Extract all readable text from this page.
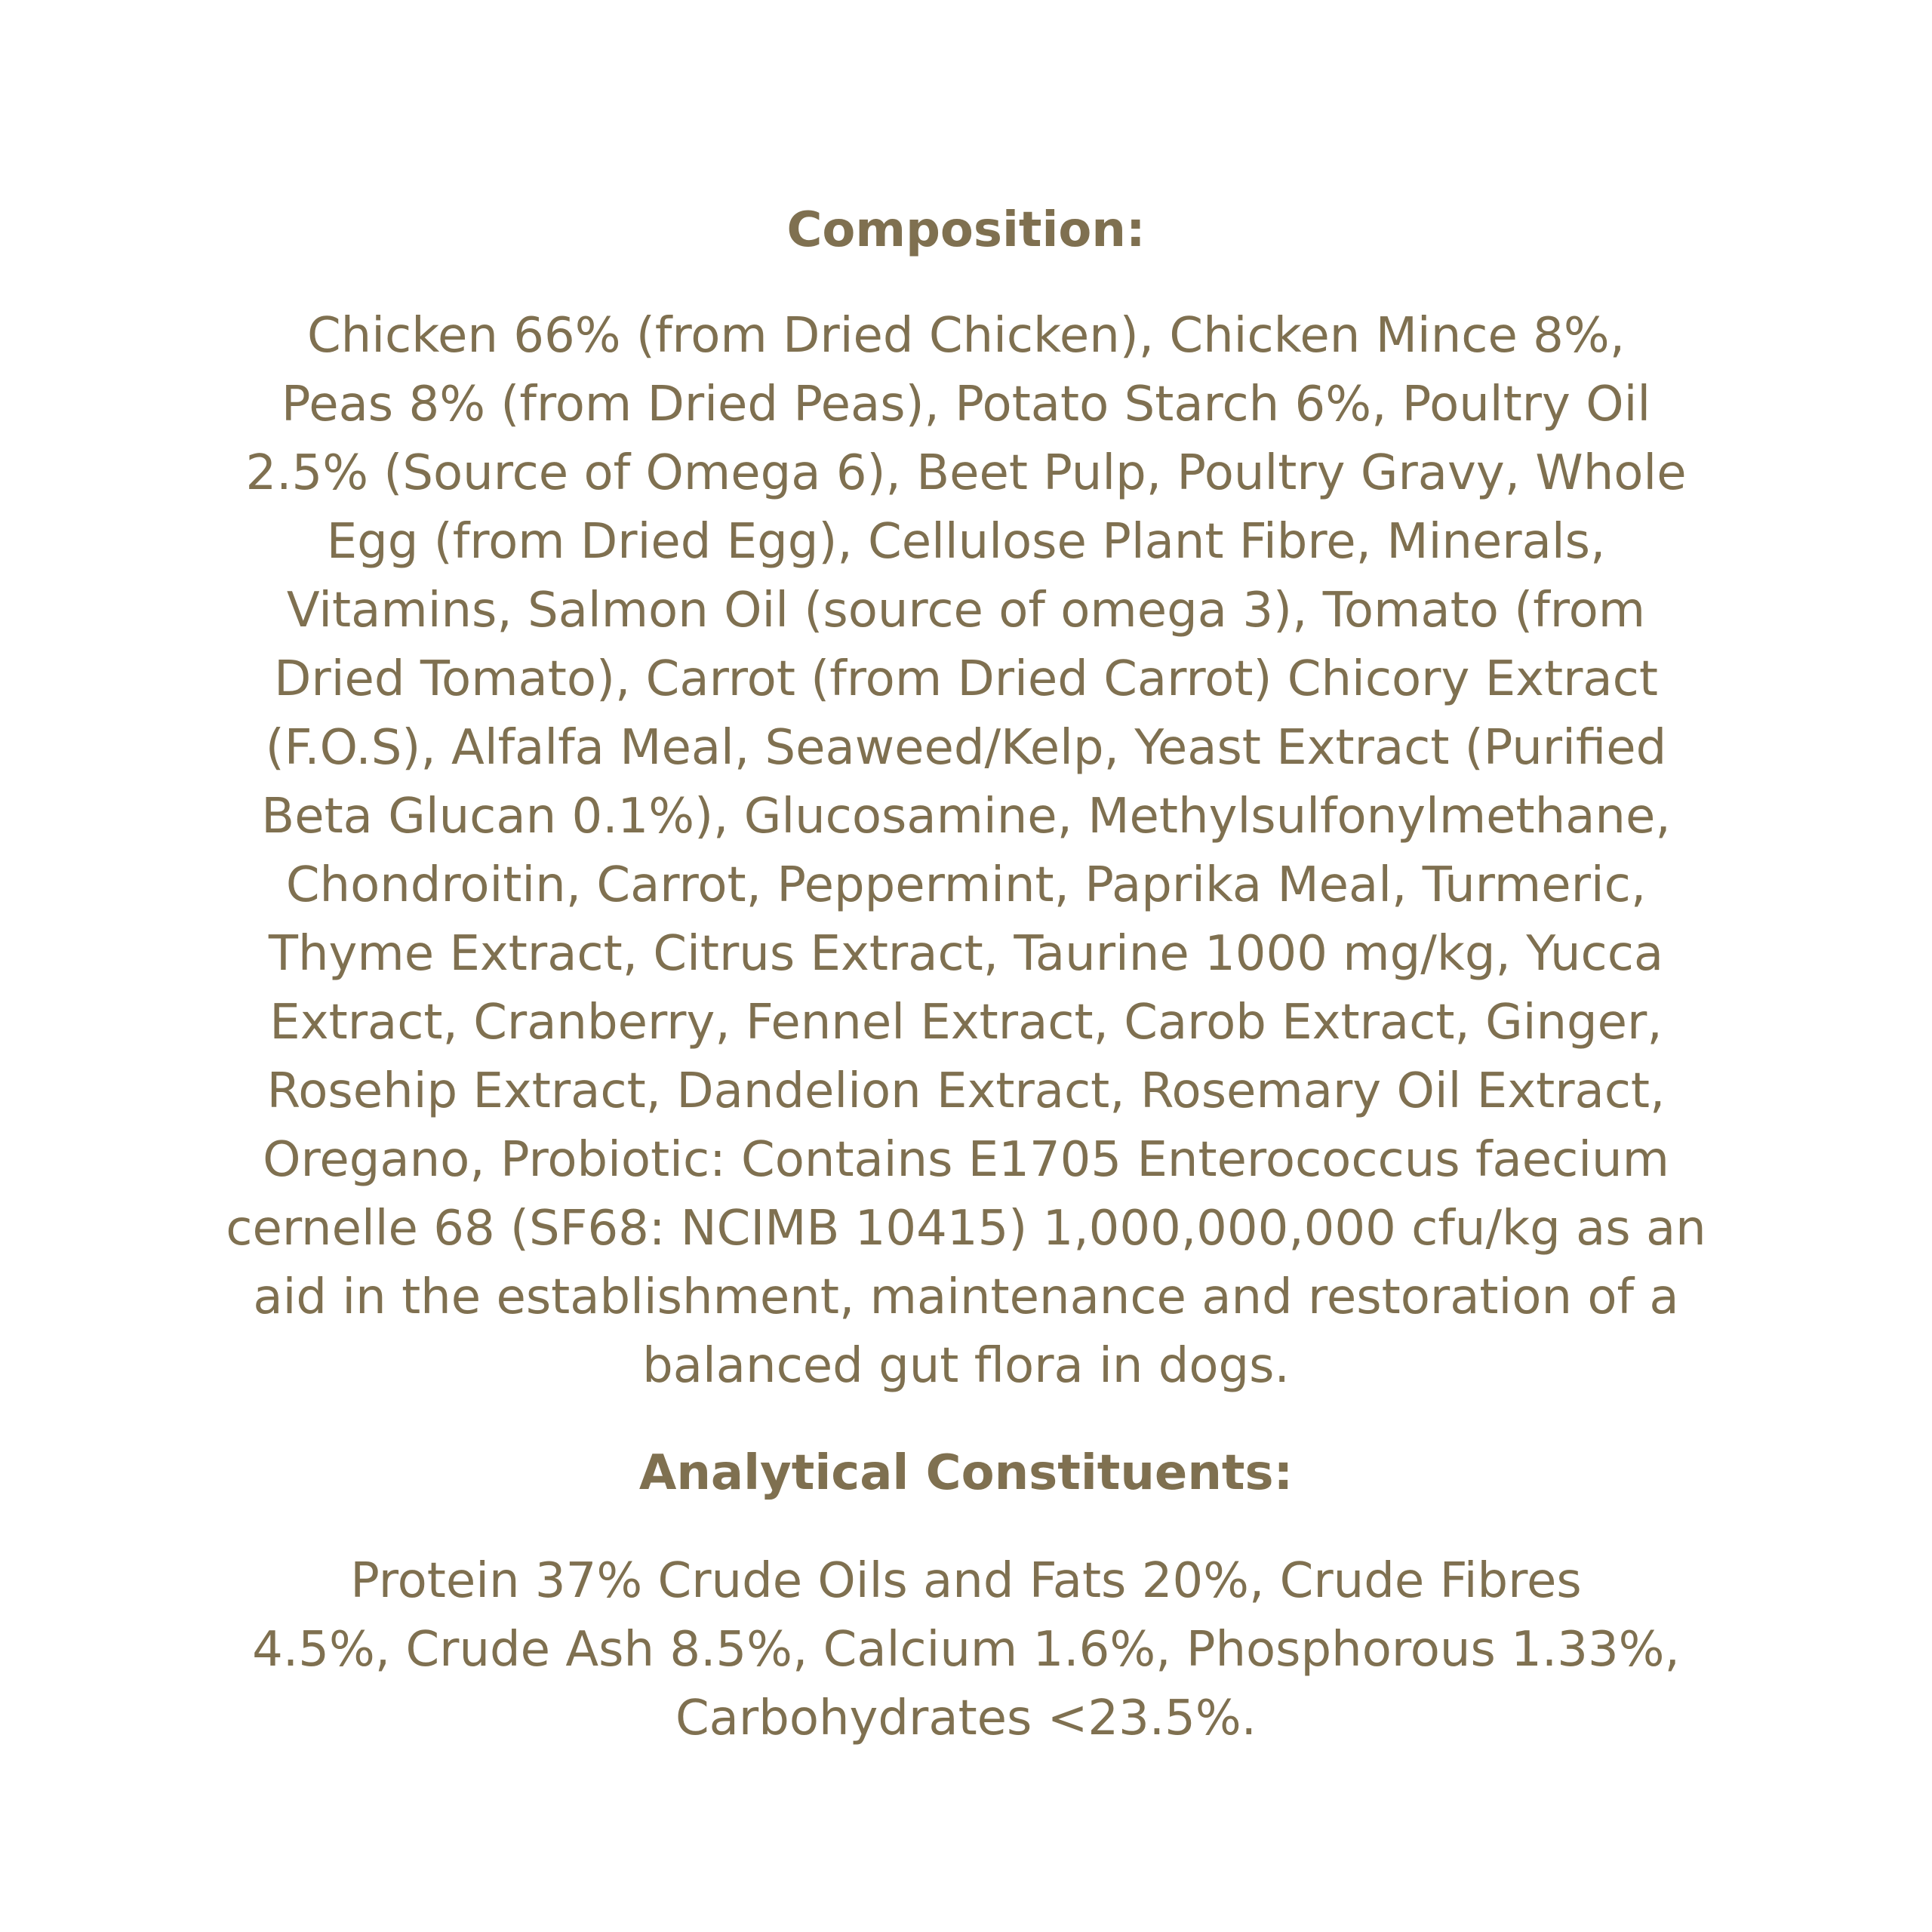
Composition:
Chicken 66% (from Dried Chicken), Chicken Mince 8%,
Peas 8% (from Dried Peas), Potato Starch 6%, Poultry Oil
2.5% (Source of Omega 6), Beet Pulp, Poultry Gravy, Whole
Egg (from Dried Egg), Cellulose Plant Fibre, Minerals,
Vitamins, Salmon Oil (source of omega 3), Tomato (from
Dried Tomato), Carrot (from Dried Carrot) Chicory Extract
(F.O.S), Alfalfa Meal, Seaweed/Kelp, Yeast Extract (Purified
Beta Glucan 0.1%), Glucosamine, Methylsulfonylmethane,
Chondroitin, Carrot, Peppermint, Paprika Meal, Turmeric,
Thyme Extract, Citrus Extract, Taurine 1000 mg/kg, Yucca
Extract, Cranberry, Fennel Extract, Carob Extract, Ginger,
Rosehip Extract, Dandelion Extract, Rosemary Oil Extract,
Oregano, Probiotic: Contains E1705 Enterococcus faecium
cernelle 68 (SF68: NCIMB 10415) 1,000,000,000 cfu/kg as an
aid in the establishment, maintenance and restoration of a
balanced gut flora in dogs.
Analytical Constituents:
Protein 37% Crude Oils and Fats 20%, Crude Fibres
4.5%, Crude Ash 8.5%, Calcium 1.6%, Phosphorous 1.33%,
Carbohydrates <23.5%.
